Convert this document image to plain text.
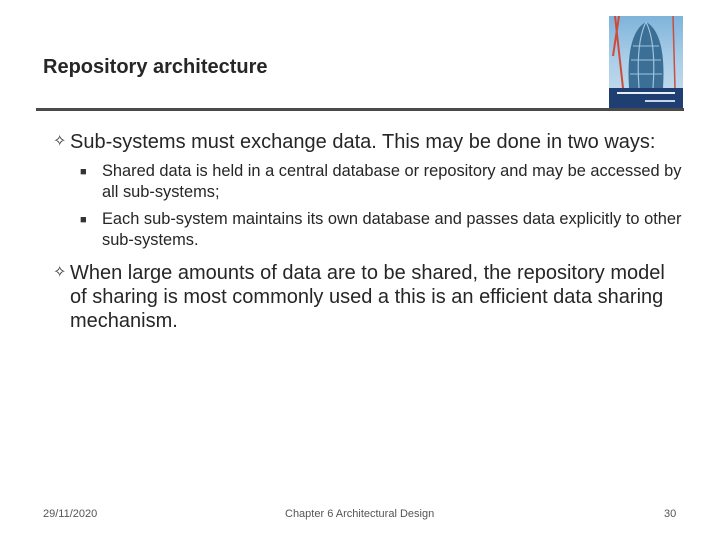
Repository architecture
✧ Sub-systems must exchange data. This may be done in two ways:
■ Shared data is held in a central database or repository and may be accessed by all sub-systems;
■ Each sub-system maintains its own database and passes data explicitly to other sub-systems.
✧ When large amounts of data are to be shared, the repository model of sharing is most commonly used a this is an efficient data sharing mechanism.
29/11/2020	Chapter 6 Architectural Design	30
